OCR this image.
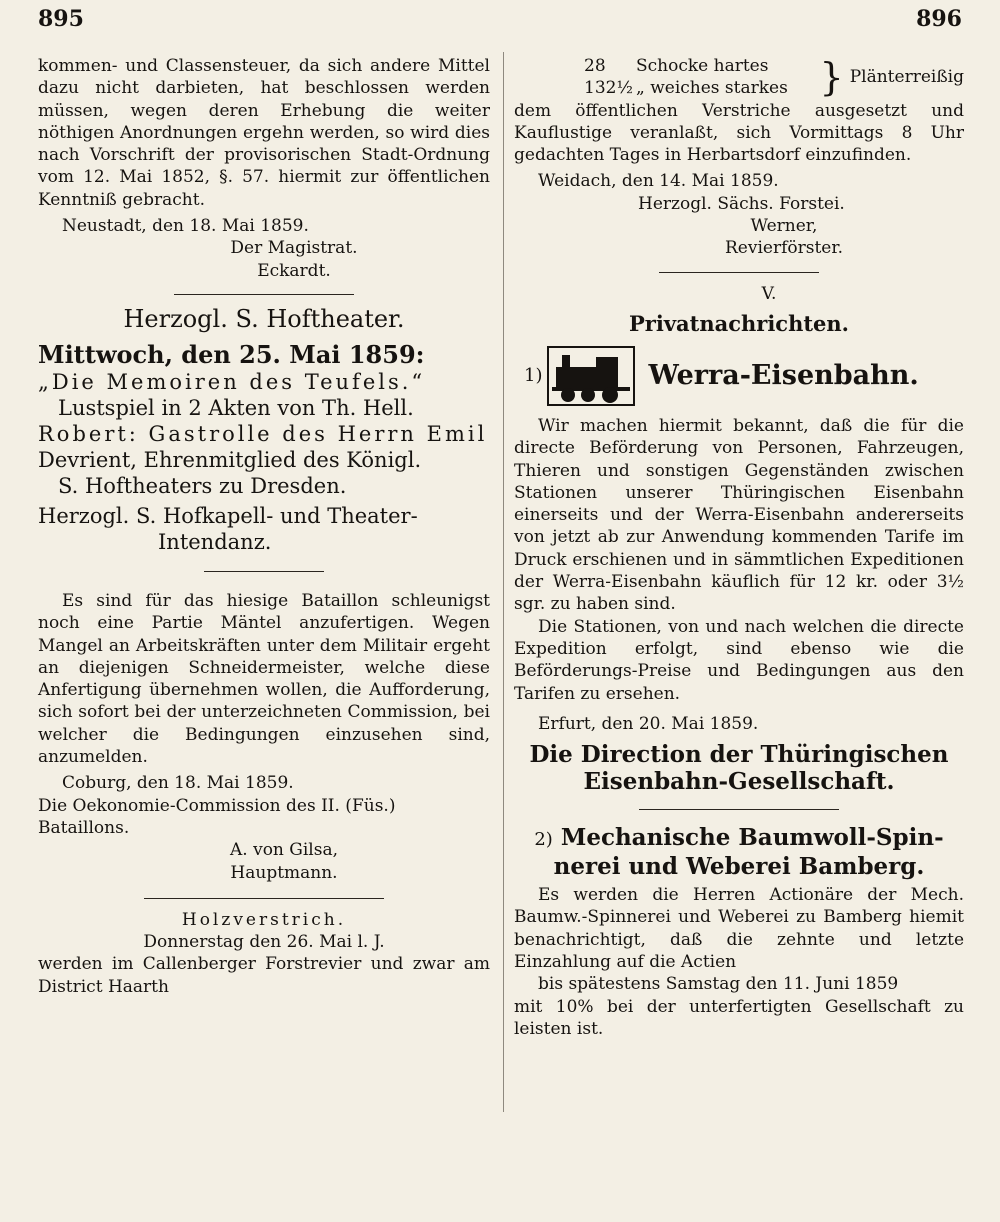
895	896

kommen- und Classensteuer, da sich andere Mittel dazu nicht darbieten, hat beschlossen werden müssen, wegen deren Erhebung die weiter nöthigen Anordnungen ergehn werden, so wird dies nach Vorschrift der provisorischen Stadt-Ordnung vom 12. Mai 1852, §. 57. hiermit zur öffentlichen Kenntniß gebracht.

Neustadt, den 18. Mai 1859.

Der Magistrat.

Eckardt.

Herzogl. S. Hoftheater.

Mittwoch, den 25. Mai 1859:

„Die Memoiren des Teufels.“

Lustspiel in 2 Akten von Th. Hell.

Robert: Gastrolle des Herrn Emil

Devrient, Ehrenmitglied des Königl.

S. Hoftheaters zu Dresden.

Herzogl. S. Hofkapell- und Theater-

Intendanz.

Es sind für das hiesige Bataillon schleunigst noch eine Partie Mäntel anzufertigen. Wegen Mangel an Arbeitskräften unter dem Militair ergeht an diejenigen Schneidermeister, welche diese Anfertigung übernehmen wollen, die Aufforderung, sich sofort bei der unterzeichneten Commission, bei welcher die Bedingungen einzusehen sind, anzumelden.

Coburg, den 18. Mai 1859.

Die Oekonomie-Commission des II. (Füs.) Bataillons.

A. von Gilsa,

Hauptmann.

Holzverstrich.

Donnerstag den 26. Mai l. J.

werden im Callenberger Forstrevier und zwar am District Haarth

28 Schocke hartes

132½ „ weiches starkes } Plänterreißig

dem öffentlichen Verstriche ausgesetzt und Kauflustige veranlaßt, sich Vormittags 8 Uhr gedachten Tages in Herbartsdorf einzufinden.

Weidach, den 14. Mai 1859.

Herzogl. Sächs. Forstei.

Werner,

Revierförster.

V.

Privatnachrichten.

1)	Werra-Eisenbahn.

Wir machen hiermit bekannt, daß die für die directe Beförderung von Personen, Fahrzeugen, Thieren und sonstigen Gegenständen zwischen Stationen unserer Thüringischen Eisenbahn einerseits und der Werra-Eisenbahn andererseits von jetzt ab zur Anwendung kommenden Tarife im Druck erschienen und in sämmtlichen Expeditionen der Werra-Eisenbahn käuflich für 12 kr. oder 3½ sgr. zu haben sind.

Die Stationen, von und nach welchen die directe Expedition erfolgt, sind ebenso wie die Beförderungs-Preise und Bedingungen aus den Tarifen zu ersehen.

Erfurt, den 20. Mai 1859.

Die Direction der Thüringischen

Eisenbahn-Gesellschaft.

2) Mechanische Baumwoll-Spin-

nerei und Weberei Bamberg.

Es werden die Herren Actionäre der Mech. Baumw.-Spinnerei und Weberei zu Bamberg hiemit benachrichtigt, daß die zehnte und letzte Einzahlung auf die Actien

bis spätestens Samstag den 11. Juni 1859

mit 10% bei der unterfertigten Gesellschaft zu leisten ist.
